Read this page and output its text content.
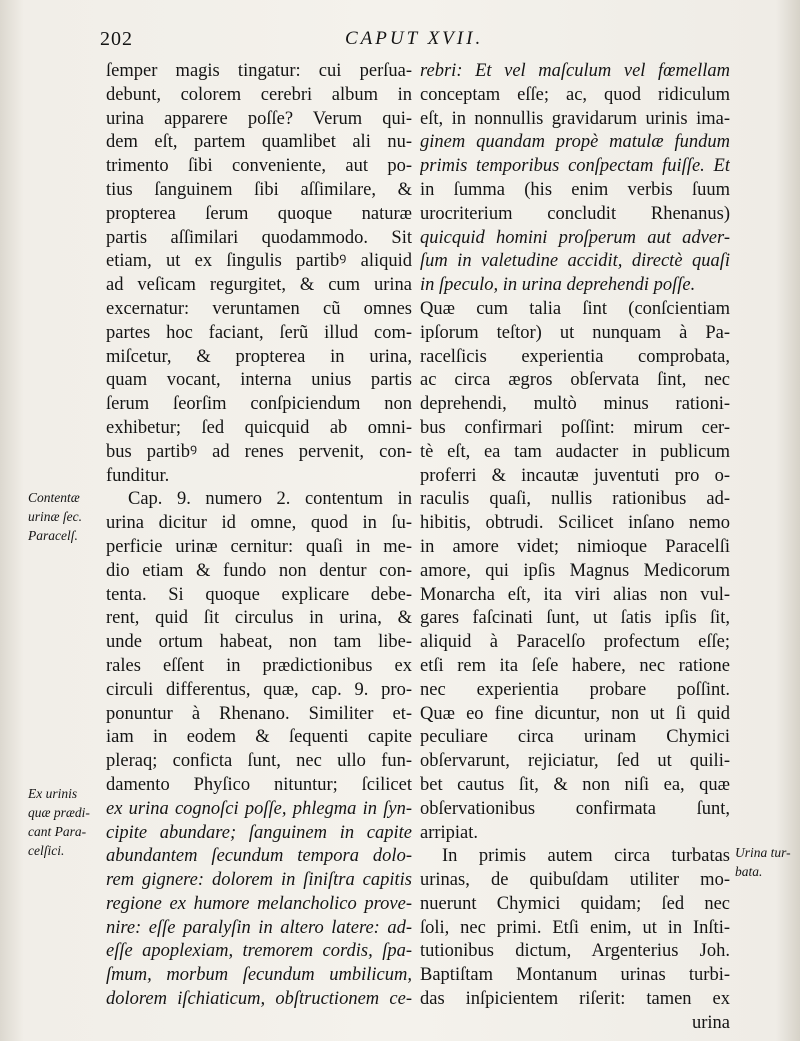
202	CAPUT XVII.
ſemper magis tingatur: cui perſua-
debunt, colorem cerebri album in
urina apparere poſſe? Verum qui-
dem eſt, partem quamlibet ali nu-
trimento ſibi conveniente, aut po-
tius ſanguinem ſibi aſſimilare, &
propterea ſerum quoque naturæ
partis aſſimilari quodammodo. Sit
etiam, ut ex ſingulis partibꝰ aliquid
ad veſicam regurgitet, & cum urina
excernatur: veruntamen cũ omnes
partes hoc faciant, ſerũ illud com-
miſcetur, & propterea in urina,
quam vocant, interna unius partis
ſerum ſeorſim conſpiciendum non
exhibetur; ſed quicquid ab omni-
bus partibꝰ ad renes pervenit, con-
funditur.
Cap. 9. numero 2. contentum in
urina dicitur id omne, quod in ſu-
perficie urinæ cernitur: quaſi in me-
dio etiam & fundo non dentur con-
tenta. Si quoque explicare debe-
rent, quid ſit circulus in urina, &
unde ortum habeat, non tam libe-
rales eſſent in prædictionibus ex
circuli differentus, quæ, cap. 9. pro-
ponuntur à Rhenano. Similiter et-
iam in eodem & ſequenti capite
pleraq; conficta ſunt, nec ullo fun-
damento Phyſico nituntur; ſcilicet
ex urina cognoſci poſſe, phlegma in ſyn-
cipite abundare; ſanguinem in capite
abundantem ſecundum tempora dolo-
rem gignere: dolorem in ſiniſtra capitis
regione ex humore melancholico prove-
nire: eſſe paralyſin in altero latere: ad-
eſſe apoplexiam, tremorem cordis, ſpa-
ſmum, morbum ſecundum umbilicum,
dolorem iſchiaticum, obſtructionem ce-
rebri: Et vel maſculum vel fœmellam
conceptam eſſe; ac, quod ridiculum
eſt, in nonnullis gravidarum urinis ima-
ginem quandam propè matulæ fundum
primis temporibus conſpectam fuiſſe. Et
in ſumma (his enim verbis ſuum
urocriterium concludit Rhenanus)
quicquid homini proſperum aut adver-
ſum in valetudine accidit, directè quaſi
in ſpeculo, in urina deprehendi poſſe.
Quæ cum talia ſint (conſcientiam
ipſorum teſtor) ut nunquam à Pa-
racelſicis experientia comprobata,
ac circa ægros obſervata ſint, nec
deprehendi, multò minus rationi-
bus confirmari poſſint: mirum cer-
tè eſt, ea tam audacter in publicum
proferri & incautæ juventuti pro o-
raculis quaſi, nullis rationibus ad-
hibitis, obtrudi. Scilicet inſano nemo
in amore videt; nimioque Paracelſi
amore, qui ipſis Magnus Medicorum
Monarcha eſt, ita viri alias non vul-
gares faſcinati ſunt, ut ſatis ipſis ſit,
aliquid à Paracelſo profectum eſſe;
etſi rem ita ſeſe habere, nec ratione
nec experientia probare poſſint.
Quæ eo fine dicuntur, non ut ſi quid
peculiare circa urinam Chymici
obſervarunt, rejiciatur, ſed ut quili-
bet cautus ſit, & non niſi ea, quæ
obſervationibus confirmata ſunt,
arripiat.
In primis autem circa turbatas
urinas, de quibuſdam utiliter mo-
nuerunt Chymici quidam; ſed nec
ſoli, nec primi. Etſi enim, ut in Inſti-
tutionibus dictum, Argenterius Joh.
Baptiſtam Montanum urinas turbi-
das inſpicientem riſerit: tamen ex
urina
Contentæ
urinæ ſec.
Paracelſ.
Ex urinis
quæ prædi-
cant Para-
celſici.	Urina tur-
bata.
